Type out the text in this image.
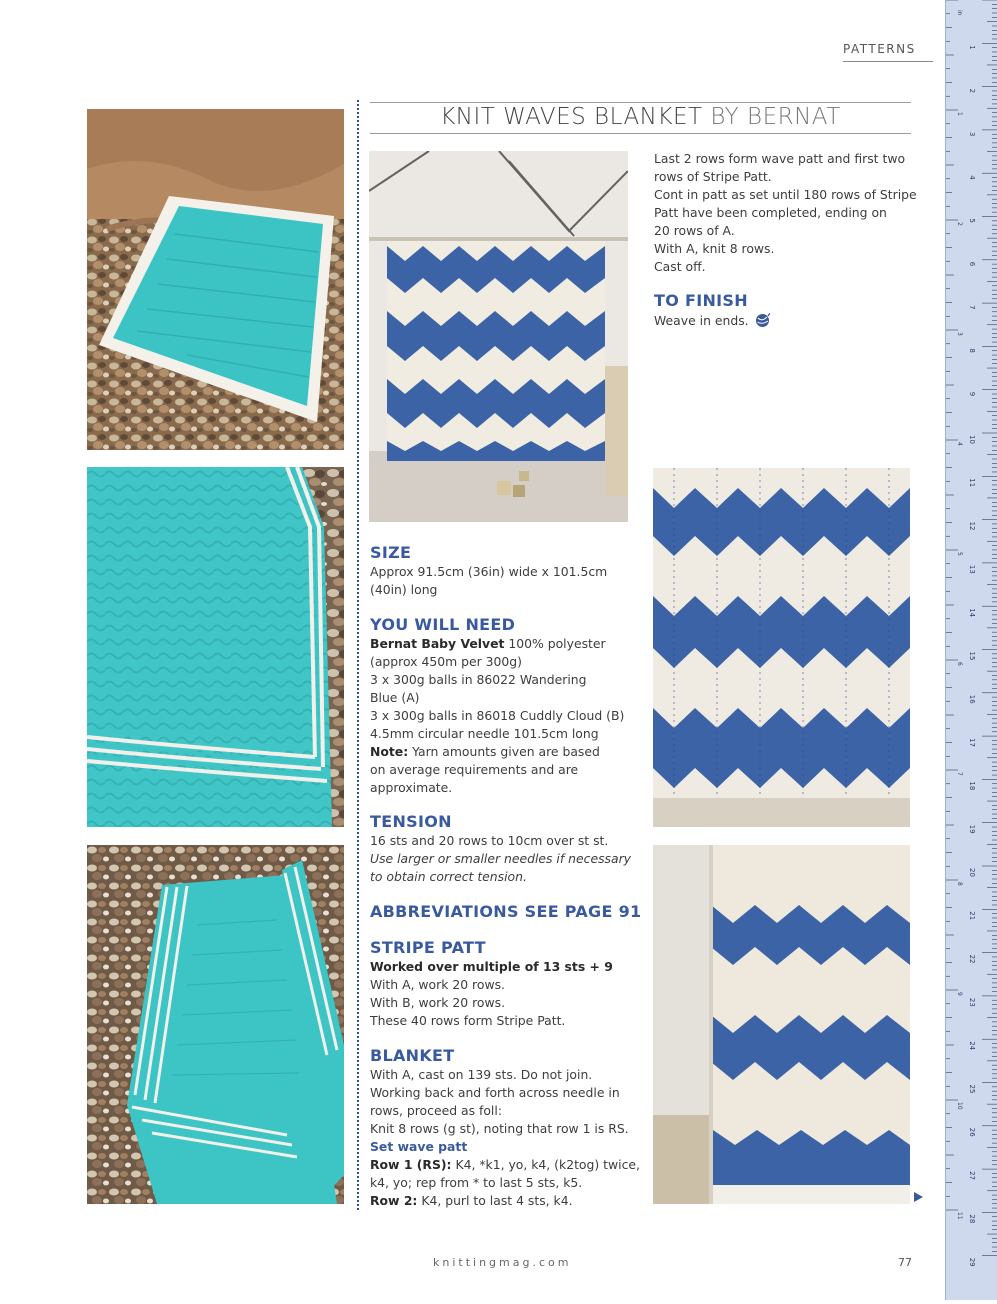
PATTERNS
KNIT WAVES BLANKET BY BERNAT
Last 2 rows form wave patt and first two
rows of Stripe Patt.
Cont in patt as set until 180 rows of Stripe
Patt have been completed, ending on
20 rows of A.
With A, knit 8 rows.
Cast off.
TO FINISH
Weave in ends.
SIZE
Approx 91.5cm (36in) wide x 101.5cm
(40in) long
YOU WILL NEED
Bernat Baby Velvet 100% polyester
(approx 450m per 300g)
3 x 300g balls in 86022 Wandering
Blue (A)
3 x 300g balls in 86018 Cuddly Cloud (B)
4.5mm circular needle 101.5cm long
Note: Yarn amounts given are based
on average requirements and are
approximate.
TENSION
16 sts and 20 rows to 10cm over st st.
Use larger or smaller needles if necessary
to obtain correct tension.
ABBREVIATIONS SEE PAGE 91
STRIPE PATT
Worked over multiple of 13 sts + 9
With A, work 20 rows.
With B, work 20 rows.
These 40 rows form Stripe Patt.
BLANKET
With A, cast on 139 sts. Do not join.
Working back and forth across needle in
rows, proceed as foll:
Knit 8 rows (g st), noting that row 1 is RS.
Set wave patt
Row 1 (RS): K4, *k1, yo, k4, (k2tog) twice,
k4, yo; rep from * to last 5 sts, k5.
Row 2: K4, purl to last 4 sts, k4.
knittingmag.com	77
1
2
3
4
5
6
7
8
9
10
11
12
13
14
15
16
17
18
19
20
21
22
23
24
25
26
27
28
29
in
1
2
3
4
5
6
7
8
9
10
11
